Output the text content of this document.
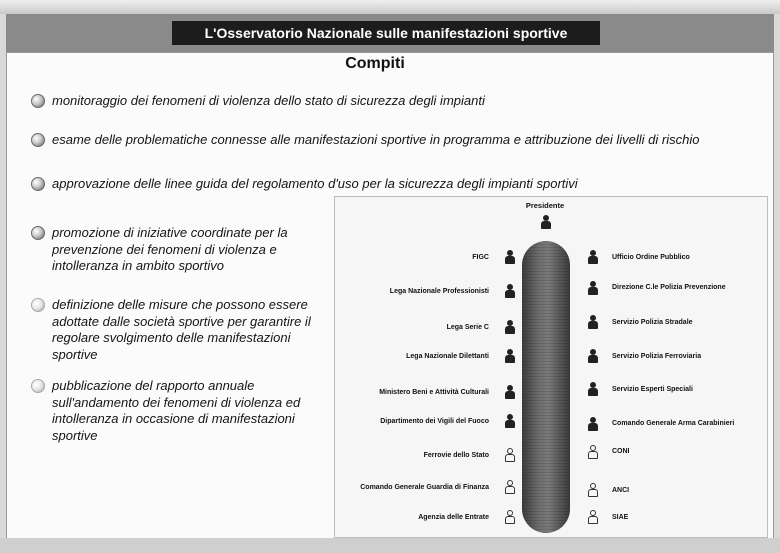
L'Osservatorio Nazionale sulle manifestazioni sportive
Compiti
monitoraggio dei fenomeni di violenza dello stato di sicurezza degli impianti
esame delle problematiche connesse alle manifestazioni sportive in programma e attribuzione dei livelli di rischio
approvazione delle linee guida del regolamento d'uso per la sicurezza degli impianti sportivi
promozione di iniziative coordinate per la prevenzione dei fenomeni di violenza e intolleranza in ambito sportivo
definizione delle misure che possono essere adottate dalle società sportive per garantire il regolare svolgimento delle manifestazioni sportive
pubblicazione del rapporto annuale sull'andamento dei fenomeni di violenza ed intolleranza in occasione di manifestazioni sportive
Presidente
FIGC
Lega Nazionale Professionisti
Lega Serie C
Lega Nazionale Dilettanti
Ministero Beni e Attività Culturali
Dipartimento dei Vigili del Fuoco
Ferrovie dello Stato
Comando Generale Guardia di Finanza
Agenzia delle Entrate
Ufficio Ordine Pubblico
Direzione C.le Polizia Prevenzione
Servizio Polizia Stradale
Servizio Polizia Ferroviaria
Servizio Esperti Speciali
Comando Generale Arma Carabinieri
CONI
ANCI
SIAE
